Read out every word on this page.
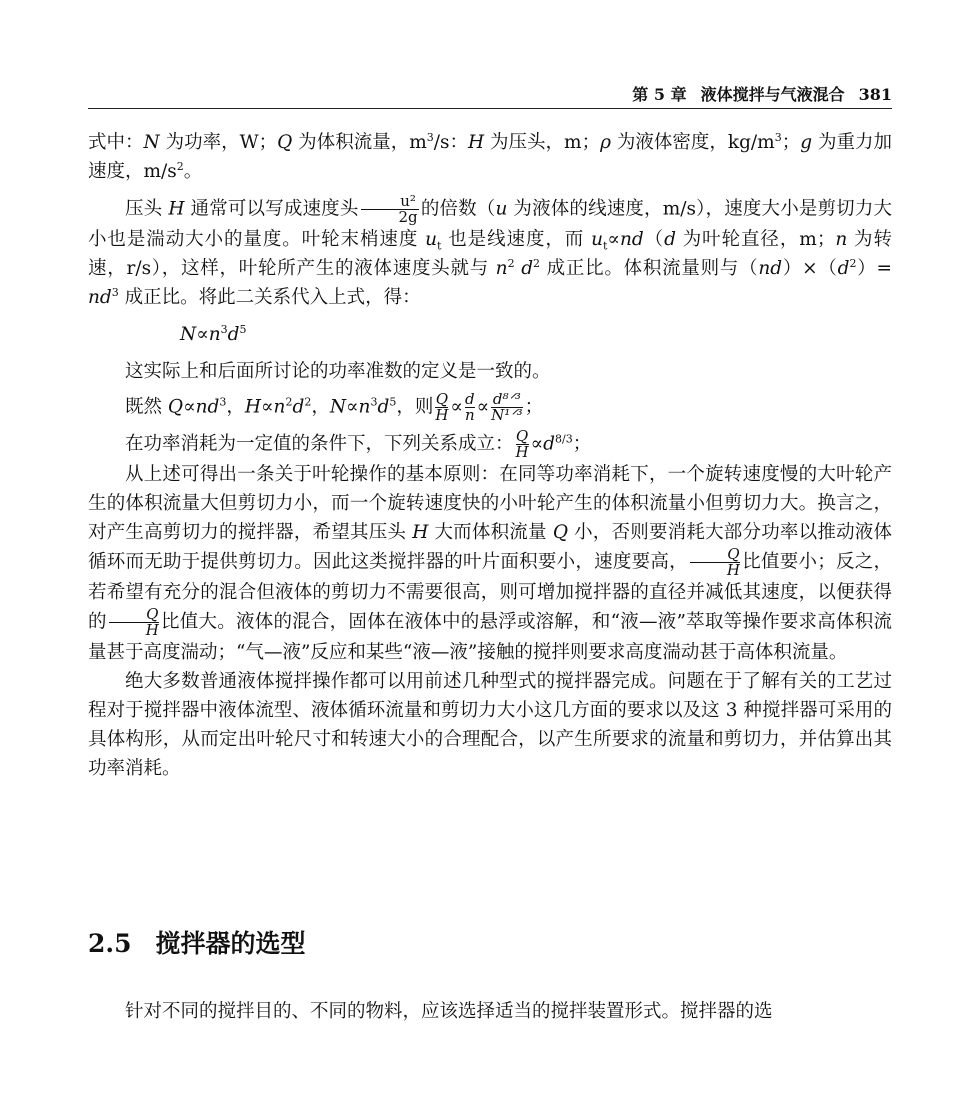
第 5 章 液体搅拌与气液混合 381

式中：N 为功率，W；Q 为体积流量，$m^3/s$：H 为压头，m；ρ 为液体密度，$kg/m^3$；g 为重力加速度，$m/s^2$。

压头 H 通常可以写成速度头 $\frac{\text{u²}}{2g}$ 的倍数（u 为液体的线速度，m/s），速度大小是剪切力大小也是湍动大小的量度。叶轮末梢速度 $u_t$ 也是线速度，而 $u_t\propto nd(d$ 为叶轮直径，m；n 为转速，r/s），这样，叶轮所产生的液体速度头就与 $n^2$ $d^2$ 成正比。体积流量则与$(nd)\times(d^2)= nd^3$ 成正比。将此二关系代入上式，得：

$N\propto n^3d^5$

这实际上和后面所讨论的功率准数的定义是一致的。

既然 $Q\propto nd^3$，$H\propto n^2d^2$，$N\propto n^3d^5$，则 $\frac{Q}{H} \propto \frac{d}{n} \propto \frac{\text{d⁸ᐟ³}}{\text{N¹ᐟ³}}$ ；

在功率消耗为一定值的条件下，下列关系成立： $\frac{Q}{H} \propto d^{8/3}$；

从上述可得出一条关于叶轮操作的基本原则：在同等功率消耗下，一个旋转速度慢的大叶轮产生的体积流量大但剪切力小，而一个旋转速度快的小叶轮产生的体积流量小但剪切力大。换言之，对产生高剪切力的搅拌器，希望其压头 H 大而体积流量 Q 小，否则要消耗大部分功率以推动液体循环而无助于提供剪切力。因此这类搅拌器的叶片面积要小，速度要高， $\frac{Q}{H}$ 比值要小；反之，若希望有充分的混合但液体的剪切力不需要很高，则可增加搅拌器的直径并减低其速度，以便获得的 $\frac{Q}{H}$ 比值大。液体的混合，固体在液体中的悬浮或溶解，和“液—液”萃取等操作要求高体积流量甚于高度湍动；“气—液”反应和某些“液—液”接触的搅拌则要求高度湍动甚于高体积流量。

绝大多数普通液体搅拌操作都可以用前述几种型式的搅拌器完成。问题在于了解有关的工艺过程对于搅拌器中液体流型、液体循环流量和剪切力大小这几方面的要求以及这 3 种搅拌器可采用的具体构形，从而定出叶轮尺寸和转速大小的合理配合，以产生所要求的流量和剪切力，并估算出其功率消耗。

2.5 搅拌器的选型

针对不同的搅拌目的、不同的物料，应该选择适当的搅拌装置形式。搅拌器的选
